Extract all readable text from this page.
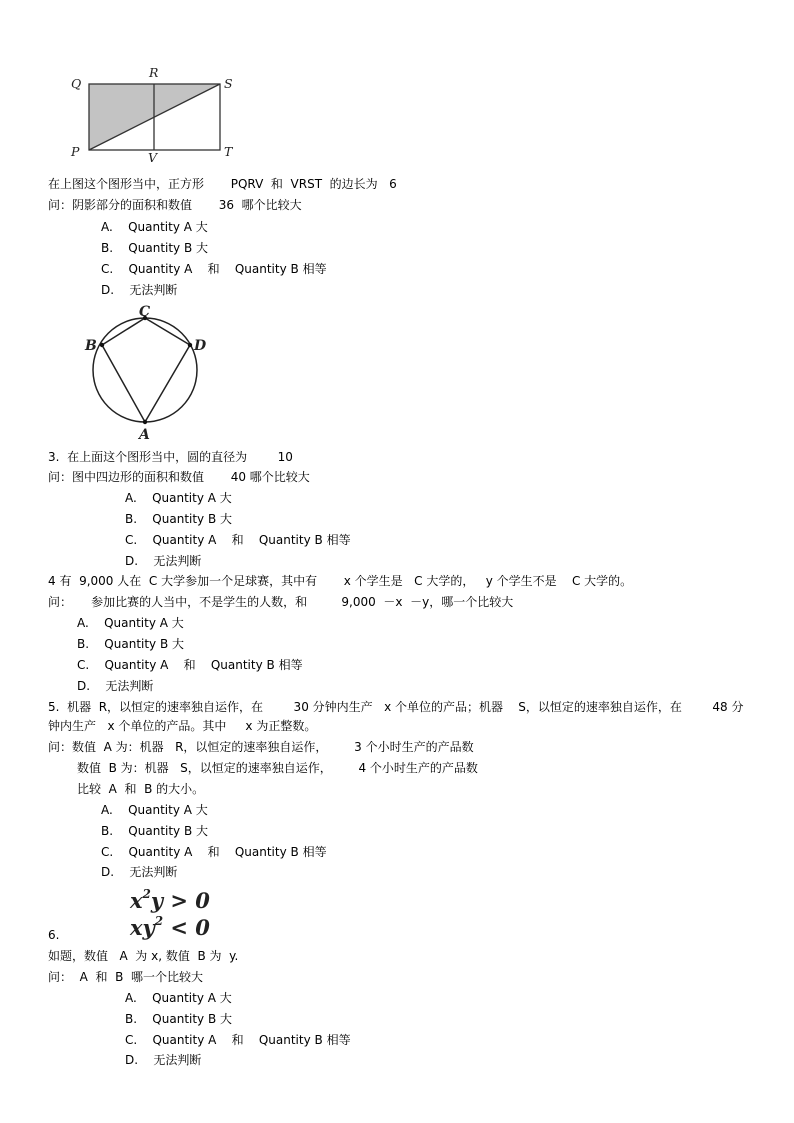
Q
R
S
P	V	T
在上图这个图形当中，正方形       PQRV  和  VRST  的边长为   6
问：阴影部分的面积和数值       36  哪个比较大
A.    Quantity A 大
B.    Quantity B 大
C.    Quantity A    和    Quantity B 相等
D.    无法判断
C
B	D
A
3.  在上面这个图形当中，圆的直径为        10
问：图中四边形的面积和数值       40 哪个比较大
A.    Quantity A 大
B.    Quantity B 大
C.    Quantity A    和    Quantity B 相等
D.    无法判断
4 有  9,000 人在  C 大学参加一个足球赛，其中有       x 个学生是   C 大学的，   y 个学生不是    C 大学的。
问：     参加比赛的人当中，不是学生的人数，和         9,000  －x  －y，哪一个比较大
A.    Quantity A 大
B.    Quantity B 大
C.    Quantity A    和    Quantity B 相等
D.    无法判断
5.  机器  R，以恒定的速率独自运作，在        30 分钟内生产   x 个单位的产品；机器    S，以恒定的速率独自运作，在        48 分
钟内生产   x 个单位的产品。其中     x 为正整数。
问：数值  A 为：机器   R，以恒定的速率独自运作，       3 个小时生产的产品数
数值  B 为：机器   S，以恒定的速率独自运作，       4 个小时生产的产品数
比较  A  和  B 的大小。
A.    Quantity A 大
B.    Quantity B 大
C.    Quantity A    和    Quantity B 相等
D.    无法判断
$x^2y > 0$
$xy^2 < 0$
6.
如题，数值   A  为 x, 数值  B 为  y.
问：  A  和  B  哪一个比较大
A.    Quantity A 大
B.    Quantity B 大
C.    Quantity A    和    Quantity B 相等
D.    无法判断
